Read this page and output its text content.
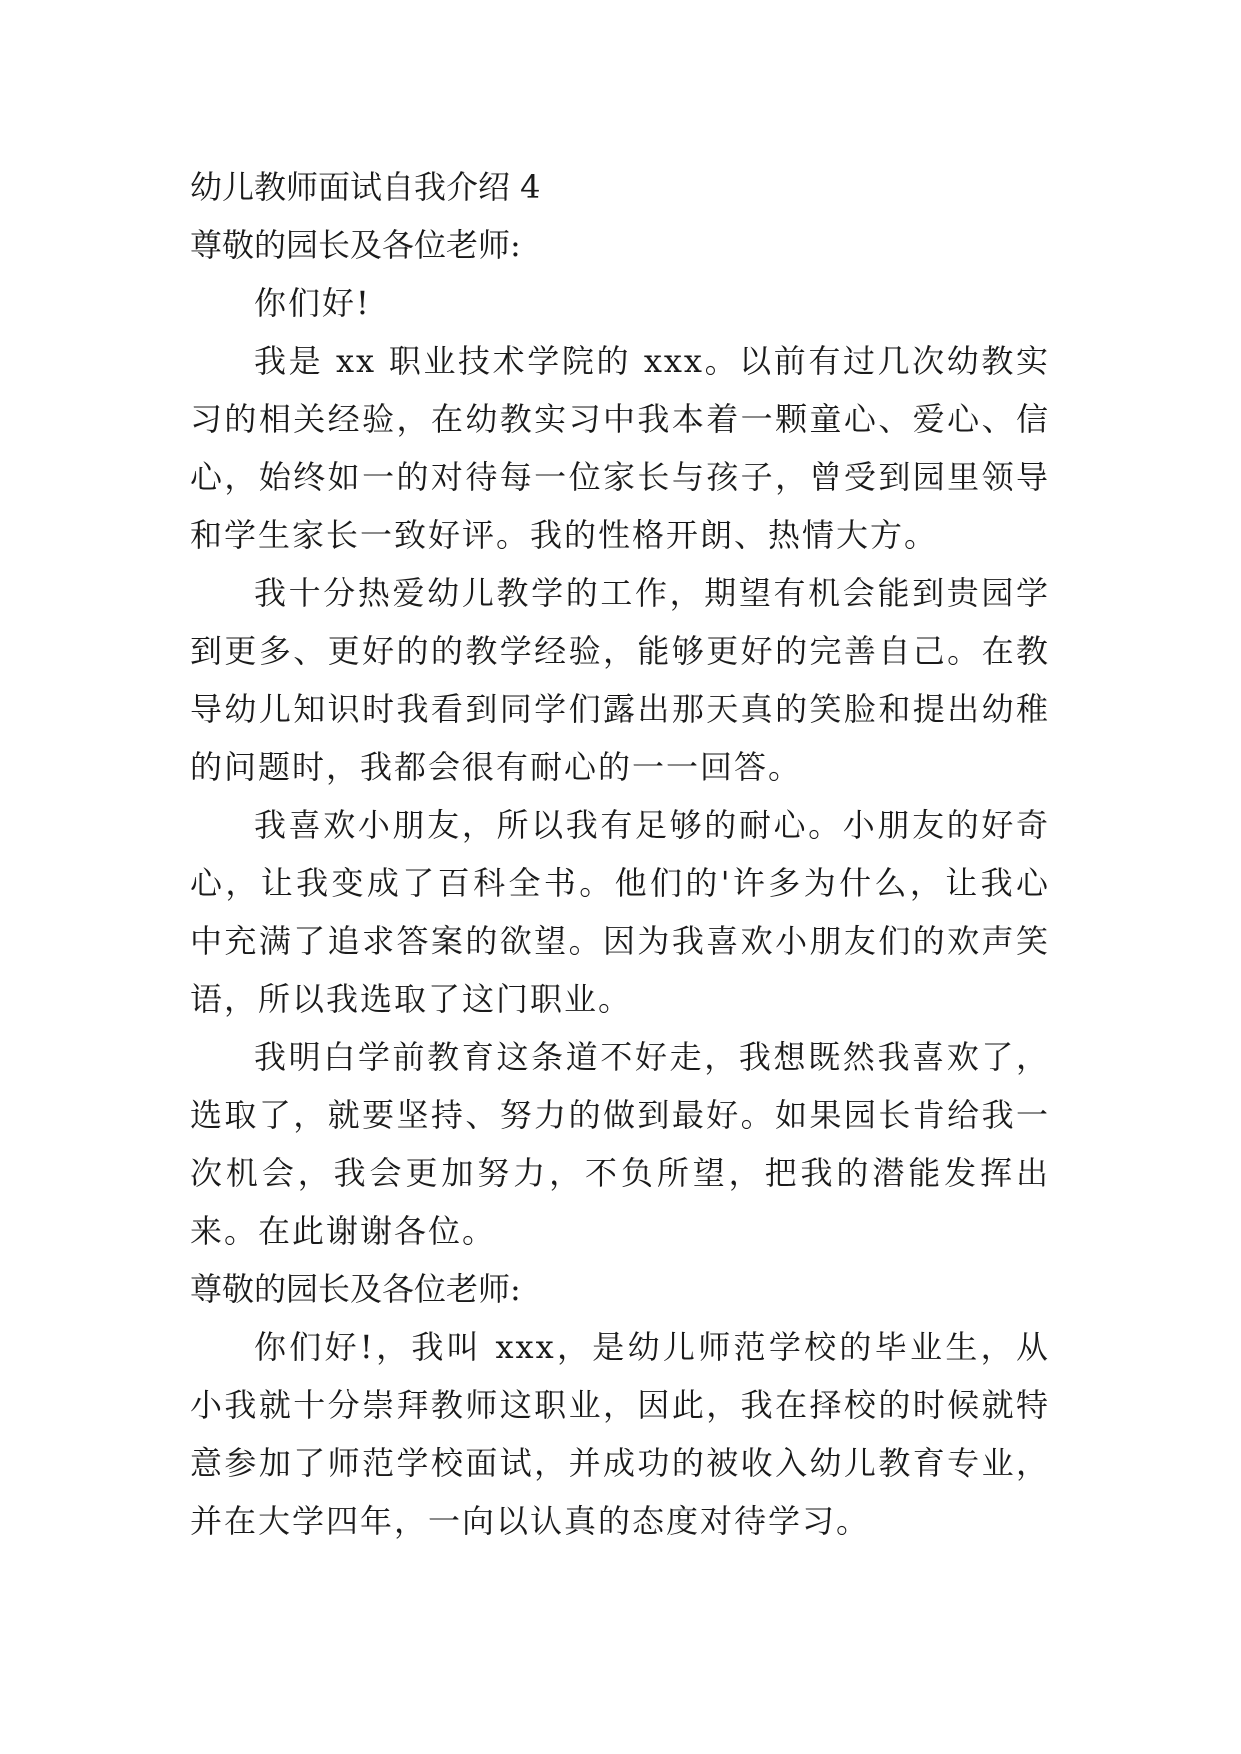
幼儿教师面试自我介绍 4

尊敬的园长及各位老师:

你们好!

我是 xx 职业技术学院的 xxx。以前有过几次幼教实习的相关经验，在幼教实习中我本着一颗童心、爱心、信心，始终如一的对待每一位家长与孩子，曾受到园里领导和学生家长一致好评。我的性格开朗、热情大方。

我十分热爱幼儿教学的工作，期望有机会能到贵园学到更多、更好的的教学经验，能够更好的完善自己。在教导幼儿知识时我看到同学们露出那天真的笑脸和提出幼稚的问题时，我都会很有耐心的一一回答。

我喜欢小朋友，所以我有足够的耐心。小朋友的好奇心，让我变成了百科全书。他们的'许多为什么，让我心中充满了追求答案的欲望。因为我喜欢小朋友们的欢声笑语，所以我选取了这门职业。

我明白学前教育这条道不好走，我想既然我喜欢了，选取了，就要坚持、努力的做到最好。如果园长肯给我一次机会，我会更加努力，不负所望，把我的潜能发挥出来。在此谢谢各位。

尊敬的园长及各位老师:

你们好!，我叫 xxx，是幼儿师范学校的毕业生，从小我就十分崇拜教师这职业，因此，我在择校的时候就特意参加了师范学校面试，并成功的被收入幼儿教育专业，并在大学四年，一向以认真的态度对待学习。
